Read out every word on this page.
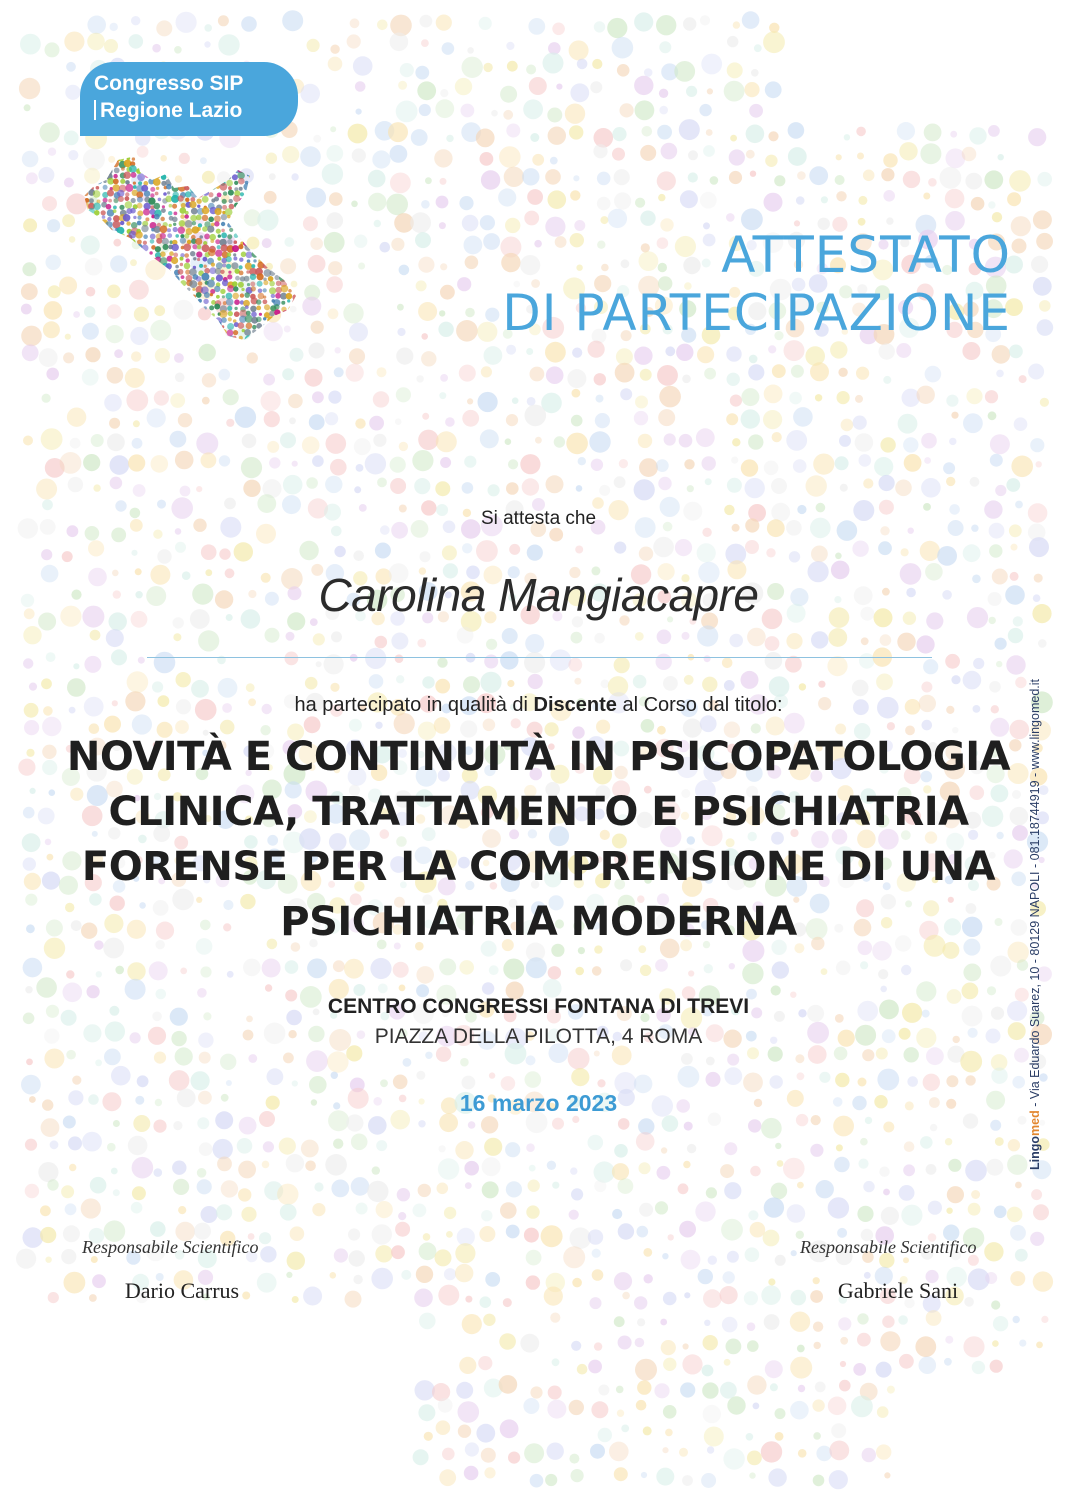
Congresso SIP
Regione Lazio
ATTESTATO
DI PARTECIPAZIONE
Si attesta che
Carolina Mangiacapre
ha partecipato in qualità di Discente al Corso dal titolo:
NOVITÀ E CONTINUITÀ IN PSICOPATOLOGIA
CLINICA, TRATTAMENTO E PSICHIATRIA
FORENSE PER LA COMPRENSIONE DI UNA
PSICHIATRIA MODERNA
CENTRO CONGRESSI FONTANA DI TREVI
PIAZZA DELLA PILOTTA, 4 ROMA
16 marzo 2023
Responsabile Scientifico
Dario Carrus
Responsabile Scientifico
Gabriele Sani
Lingomed - Via Eduardo Suarez, 10 - 80129 NAPOLI - 081.18744919 - www.lingomed.it
